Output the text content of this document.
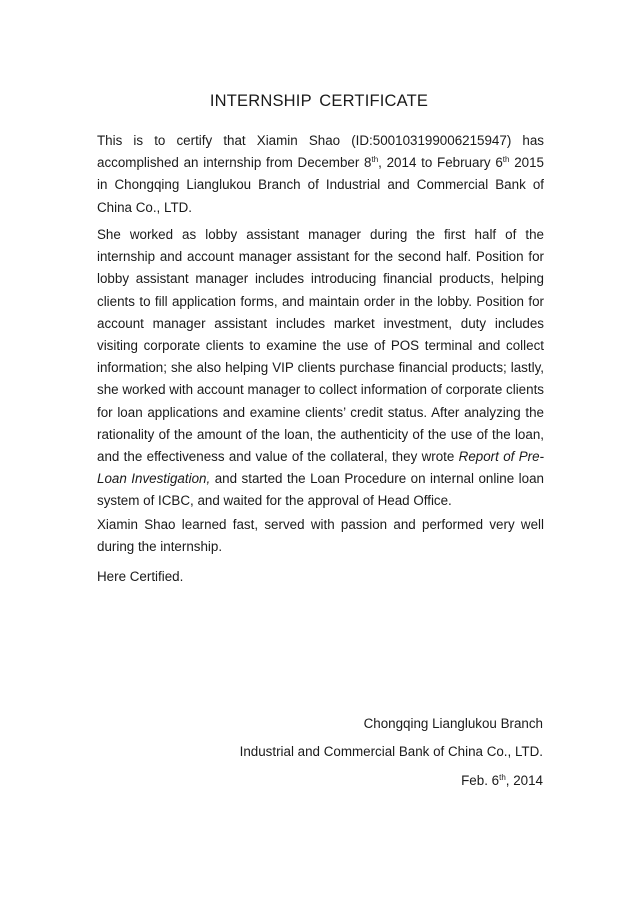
INTERNSHIP CERTIFICATE

This is to certify that Xiamin Shao (ID:500103199006215947) has accomplished an internship from December 8th, 2014 to February 6th 2015 in Chongqing Lianglukou Branch of Industrial and Commercial Bank of China Co., LTD.

She worked as lobby assistant manager during the first half of the internship and account manager assistant for the second half. Position for lobby assistant manager includes introducing financial products, helping clients to fill application forms, and maintain order in the lobby. Position for account manager assistant includes market investment, duty includes visiting corporate clients to examine the use of POS terminal and collect information; she also helping VIP clients purchase financial products; lastly, she worked with account manager to collect information of corporate clients for loan applications and examine clients’ credit status. After analyzing the rationality of the amount of the loan, the authenticity of the use of the loan, and the effectiveness and value of the collateral, they wrote Report of Pre-Loan Investigation, and started the Loan Procedure on internal online loan system of ICBC, and waited for the approval of Head Office.

Xiamin Shao learned fast, served with passion and performed very well during the internship.

Here Certified.

Chongqing Lianglukou Branch
Industrial and Commercial Bank of China Co., LTD.
Feb. 6th, 2014
